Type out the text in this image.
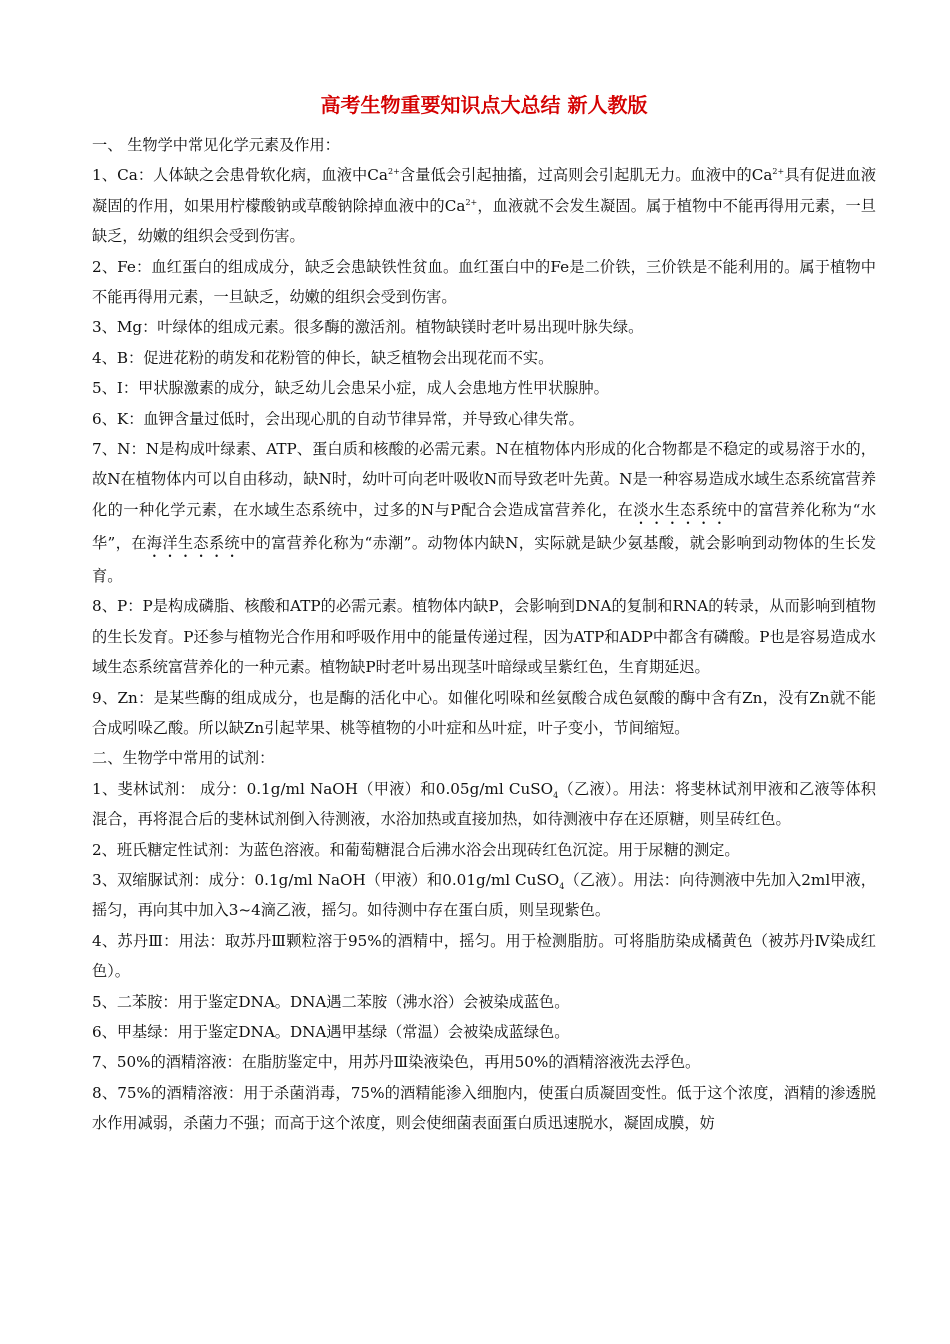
高考生物重要知识点大总结 新人教版

一、 生物学中常见化学元素及作用：

1、Ca：人体缺之会患骨软化病，血液中$Ca^{2+}$含量低会引起抽搐，过高则会引起肌无力。血液中的$Ca^{2+}$具有促进血液凝固的作用，如果用柠檬酸钠或草酸钠除掉血液中的$Ca^{2+}$，血液就不会发生凝固。属于植物中不能再得用元素，一旦缺乏，幼嫩的组织会受到伤害。

2、Fe：血红蛋白的组成成分，缺乏会患缺铁性贫血。血红蛋白中的Fe是二价铁，三价铁是不能利用的。属于植物中不能再得用元素，一旦缺乏，幼嫩的组织会受到伤害。

3、Mg：叶绿体的组成元素。很多酶的激活剂。植物缺镁时老叶易出现叶脉失绿。

4、B：促进花粉的萌发和花粉管的伸长，缺乏植物会出现花而不实。

5、I：甲状腺激素的成分，缺乏幼儿会患呆小症，成人会患地方性甲状腺肿。

6、K：血钾含量过低时，会出现心肌的自动节律异常，并导致心律失常。

7、N：N是构成叶绿素、ATP、蛋白质和核酸的必需元素。N在植物体内形成的化合物都是不稳定的或易溶于水的，故N在植物体内可以自由移动，缺N时，幼叶可向老叶吸收N而导致老叶先黄。N是一种容易造成水域生态系统富营养化的一种化学元素，在水域生态系统中，过多的N与P配合会造成富营养化，在淡水生态系统中的富营养化称为“水华”，在海洋生态系统中的富营养化称为“赤潮”。动物体内缺N，实际就是缺少氨基酸，就会影响到动物体的生长发育。

8、P：P是构成磷脂、核酸和ATP的必需元素。植物体内缺P，会影响到DNA的复制和RNA的转录，从而影响到植物的生长发育。P还参与植物光合作用和呼吸作用中的能量传递过程，因为ATP和ADP中都含有磷酸。P也是容易造成水域生态系统富营养化的一种元素。植物缺P时老叶易出现茎叶暗绿或呈紫红色，生育期延迟。

9、Zn：是某些酶的组成成分，也是酶的活化中心。如催化吲哚和丝氨酸合成色氨酸的酶中含有Zn，没有Zn就不能合成吲哚乙酸。所以缺Zn引起苹果、桃等植物的小叶症和丛叶症，叶子变小，节间缩短。

二、生物学中常用的试剂：

1、斐林试剂： 成分：0.1g/ml NaOH（甲液）和0.05g/ml CuSO$_4$（乙液）。用法：将斐林试剂甲液和乙液等体积混合，再将混合后的斐林试剂倒入待测液，水浴加热或直接加热，如待测液中存在还原糖，则呈砖红色。

2、班氏糖定性试剂：为蓝色溶液。和葡萄糖混合后沸水浴会出现砖红色沉淀。用于尿糖的测定。

3、双缩脲试剂：成分：0.1g/ml NaOH（甲液）和0.01g/ml CuSO$_4$（乙液）。用法：向待测液中先加入2ml甲液，摇匀，再向其中加入3~4滴乙液，摇匀。如待测中存在蛋白质，则呈现紫色。

4、苏丹Ⅲ：用法：取苏丹Ⅲ颗粒溶于95%的酒精中，摇匀。用于检测脂肪。可将脂肪染成橘黄色（被苏丹Ⅳ染成红色）。

5、二苯胺：用于鉴定DNA。DNA遇二苯胺（沸水浴）会被染成蓝色。

6、甲基绿：用于鉴定DNA。DNA遇甲基绿（常温）会被染成蓝绿色。

7、50%的酒精溶液：在脂肪鉴定中，用苏丹Ⅲ染液染色，再用50%的酒精溶液洗去浮色。

8、75%的酒精溶液：用于杀菌消毒，75%的酒精能渗入细胞内，使蛋白质凝固变性。低于这个浓度，酒精的渗透脱水作用减弱，杀菌力不强；而高于这个浓度，则会使细菌表面蛋白质迅速脱水，凝固成膜，妨
